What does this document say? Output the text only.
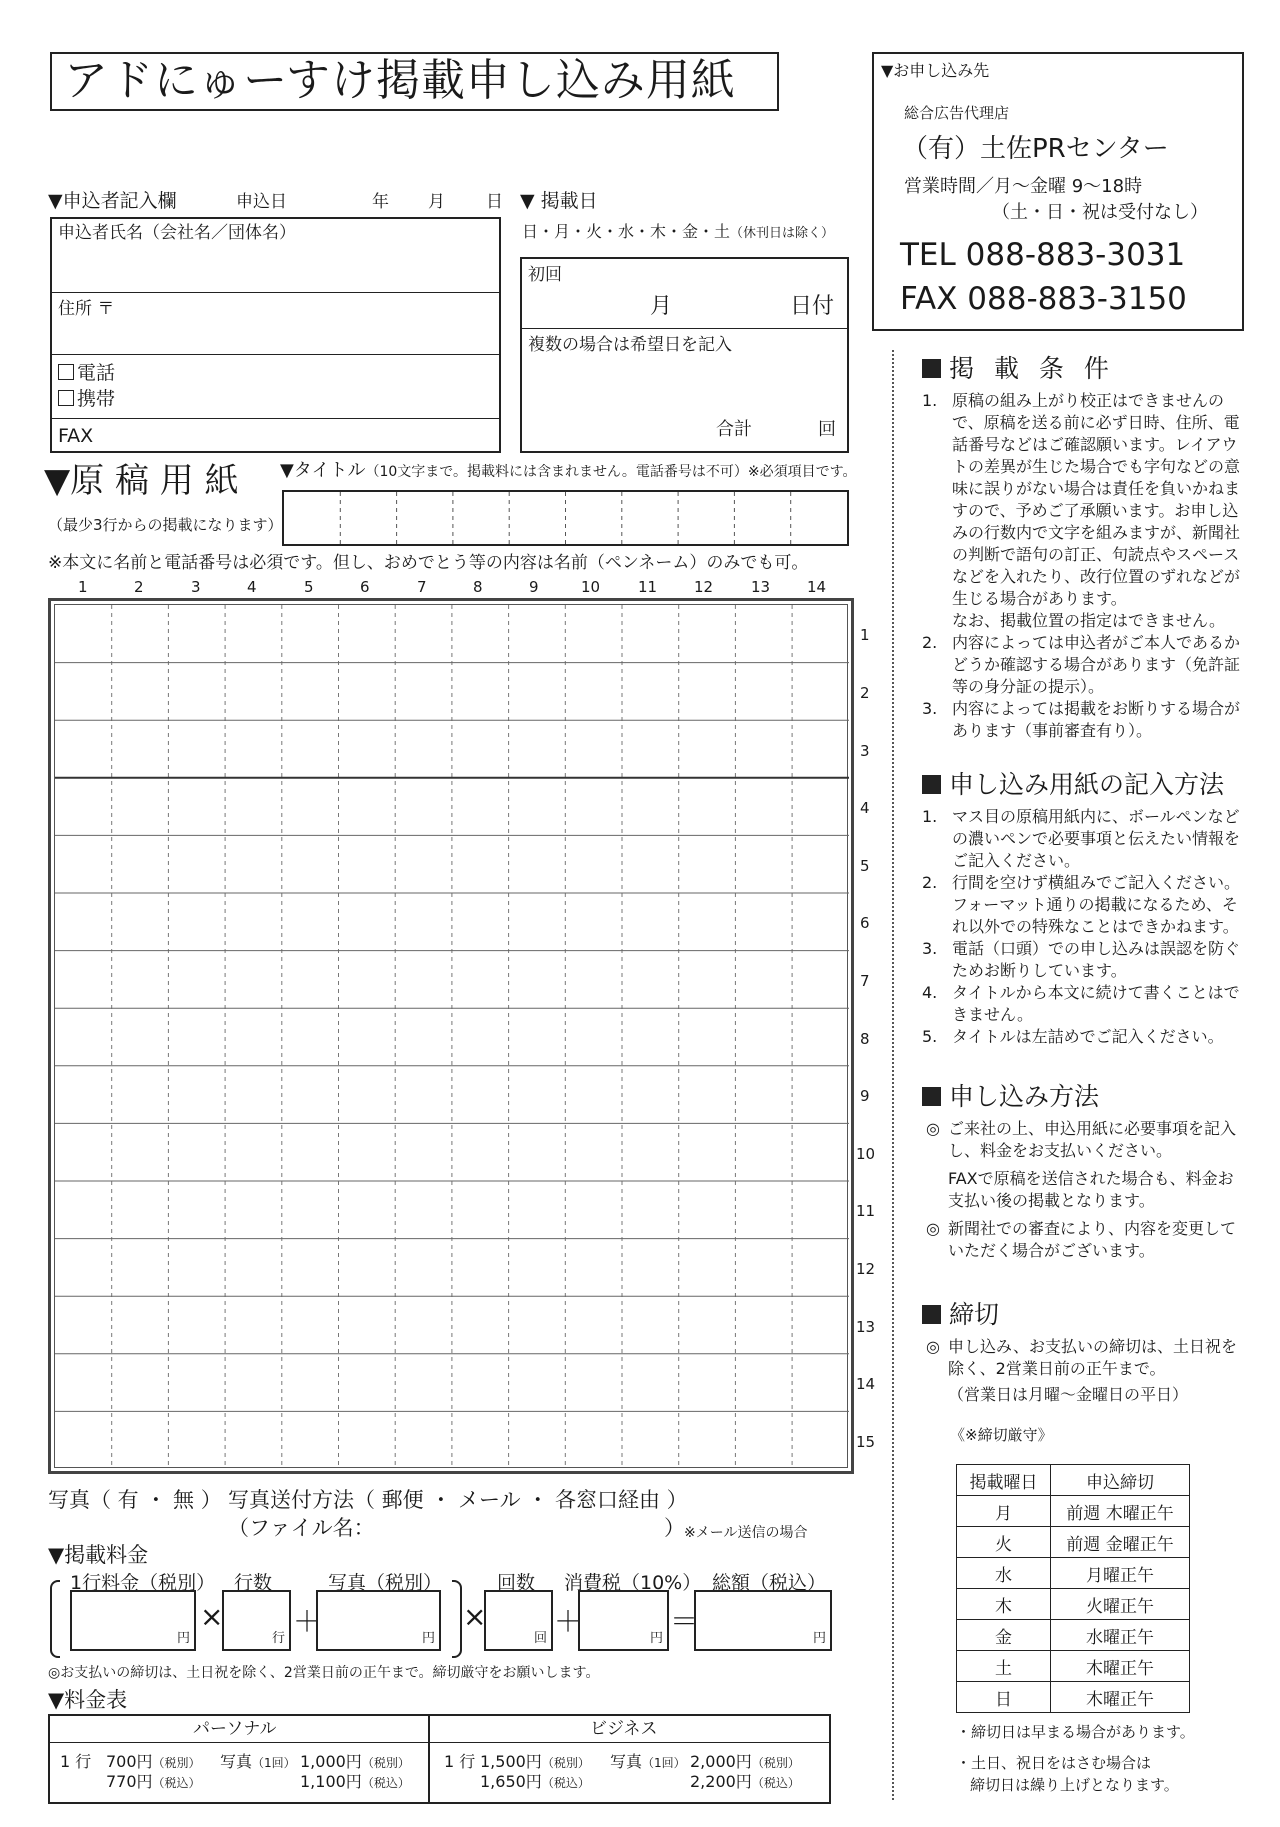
アドにゅーすけ掲載申し込み用紙	▼お申し込み先
総合広告代理店
（有）土佐PRセンター
営業時間／月〜金曜 9〜18時
（土・日・祝は受付なし）
TEL 088-883-3031
FAX 088-883-3150
▼申込者記入欄	申込日	年 月 日
申込者氏名（会社名／団体名）
住所 〒
電話
携帯
FAX
▼ 掲載日
日・月・火・水・木・金・土（休刊日は除く）
初回
月	日付
複数の場合は希望日を記入
合計	回
▼原 稿 用 紙
（最少3行からの掲載になります）
▼タイトル（10文字まで。掲載料には含まれません。電話番号は不可）※必須項目です。
※本文に名前と電話番号は必須です。但し、おめでとう等の内容は名前（ペンネーム）のみでも可。
1	2	3	4	5	6	7	8	9	10	11 12	13 14
1
2
3
4
5
6
7
8
9
10
11
12
13
14
15
写真（ 有 ・ 無 ） 写真送付方法（ 郵便 ・ メール ・ 各窓口経由 ）
（ファイル名：	） ※メール送信の場合
▼掲載料金
1行料金（税別） 行数	写真（税別）	回数 消費税（10%） 総額（税込）
円
×
行
＋
円
×
回
＋
円
＝
円
◎お支払いの締切は、土日祝を除く、2営業日前の正午まで。締切厳守をお願いします。
▼料金表
パーソナル	ビジネス
1 行 700円（税別）
770円（税込）
写真（1回） 1,000円（税別）
1,100円（税込）
1 行 1,500円（税別）
1,650円（税込）
写真（1回） 2,000円（税別）
2,200円（税込）
掲 載 条 件
1. 原稿の組み上がり校正はできませんので、原稿を送る前に必ず日時、住所、電話番号などはご確認願います。レイアウトの差異が生じた場合でも字句などの意味に誤りがない場合は責任を負いかねますので、予めご了承願います。お申し込みの行数内で文字を組みますが、新聞社の判断で語句の訂正、句読点やスペースなどを入れたり、改行位置のずれなどが生じる場合があります。
なお、掲載位置の指定はできません。
2. 内容によっては申込者がご本人であるかどうか確認する場合があります（免許証等の身分証の提示）。
3. 内容によっては掲載をお断りする場合があります（事前審査有り）。
申し込み用紙の記入方法
1. マス目の原稿用紙内に、ボールペンなどの濃いペンで必要事項と伝えたい情報をご記入ください。
2. 行間を空けず横組みでご記入ください。フォーマット通りの掲載になるため、それ以外での特殊なことはできかねます。
3. 電話（口頭）での申し込みは誤認を防ぐためお断りしています。
4. タイトルから本文に続けて書くことはできません。
5. タイトルは左詰めでご記入ください。
申し込み方法
◎ ご来社の上、申込用紙に必要事項を記入し、料金をお支払いください。
FAXで原稿を送信された場合も、料金お支払い後の掲載となります。
◎ 新聞社での審査により、内容を変更していただく場合がございます。
締切
◎ 申し込み、お支払いの締切は、土日祝を除く、2営業日前の正午まで。
（営業日は月曜〜金曜日の平日）
《※締切厳守》
掲載曜日	申込締切
月	前週 木曜正午
火	前週 金曜正午
水	月曜正午
木	火曜正午
金	水曜正午
土	木曜正午
日	木曜正午
・締切日は早まる場合があります。
・土日、祝日をはさむ場合は
締切日は繰り上げとなります。
